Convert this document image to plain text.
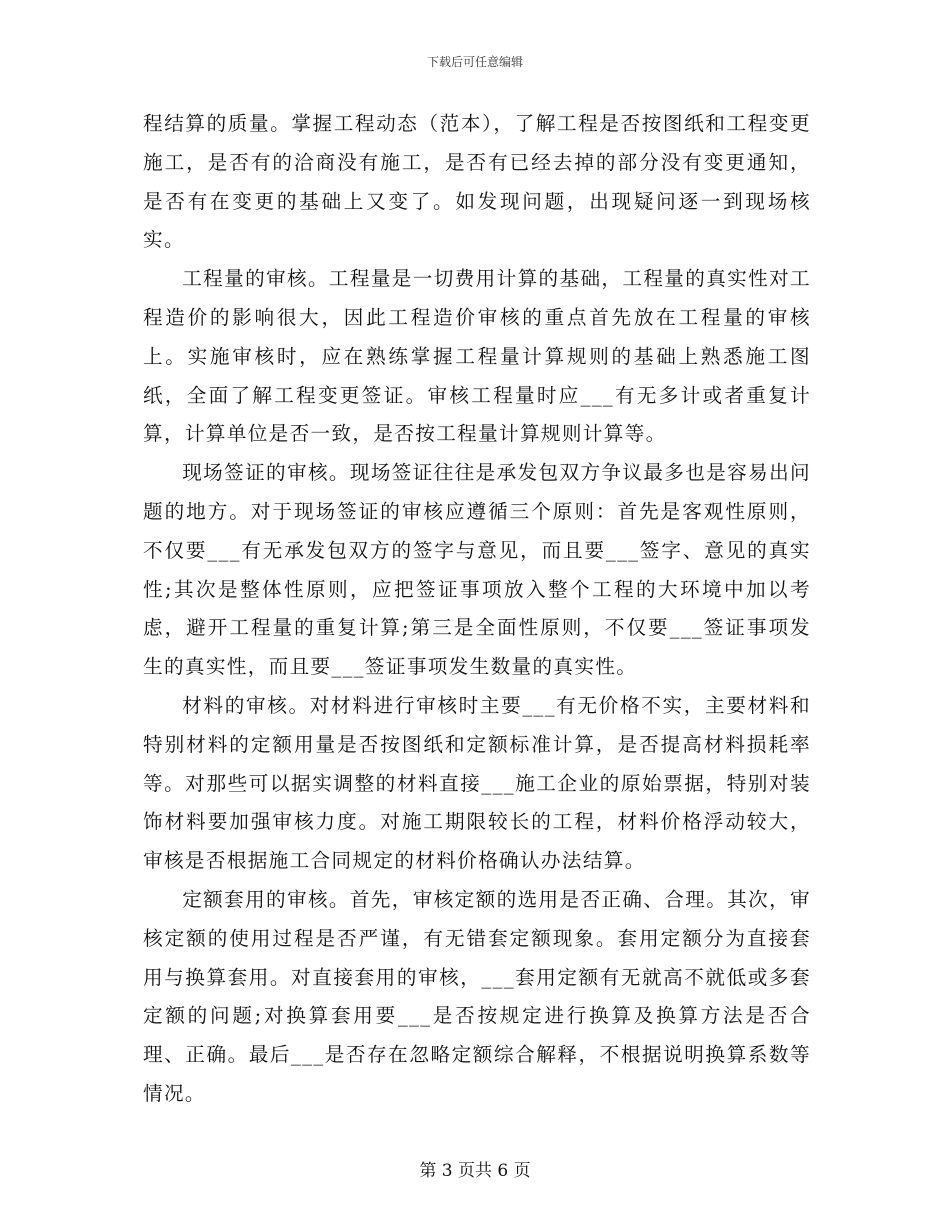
下载后可任意编辑

程结算的质量。掌握工程动态（范本），了解工程是否按图纸和工程变更施工，是否有的洽商没有施工，是否有已经去掉的部分没有变更通知，是否有在变更的基础上又变了。如发现问题，出现疑问逐一到现场核实。

工程量的审核。工程量是一切费用计算的基础，工程量的真实性对工程造价的影响很大，因此工程造价审核的重点首先放在工程量的审核上。实施审核时，应在熟练掌握工程量计算规则的基础上熟悉施工图纸，全面了解工程变更签证。审核工程量时应___有无多计或者重复计算，计算单位是否一致，是否按工程量计算规则计算等。

现场签证的审核。现场签证往往是承发包双方争议最多也是容易出问题的地方。对于现场签证的审核应遵循三个原则：首先是客观性原则，不仅要___有无承发包双方的签字与意见，而且要___签字、意见的真实性;其次是整体性原则，应把签证事项放入整个工程的大环境中加以考虑，避开工程量的重复计算;第三是全面性原则，不仅要___签证事项发生的真实性，而且要___签证事项发生数量的真实性。

材料的审核。对材料进行审核时主要___有无价格不实，主要材料和特别材料的定额用量是否按图纸和定额标准计算，是否提高材料损耗率等。对那些可以据实调整的材料直接___施工企业的原始票据，特别对装饰材料要加强审核力度。对施工期限较长的工程，材料价格浮动较大，审核是否根据施工合同规定的材料价格确认办法结算。

定额套用的审核。首先，审核定额的选用是否正确、合理。其次，审核定额的使用过程是否严谨，有无错套定额现象。套用定额分为直接套用与换算套用。对直接套用的审核，___套用定额有无就高不就低或多套定额的问题;对换算套用要___是否按规定进行换算及换算方法是否合理、正确。最后___是否存在忽略定额综合解释，不根据说明换算系数等情况。

第 3 页共 6 页
